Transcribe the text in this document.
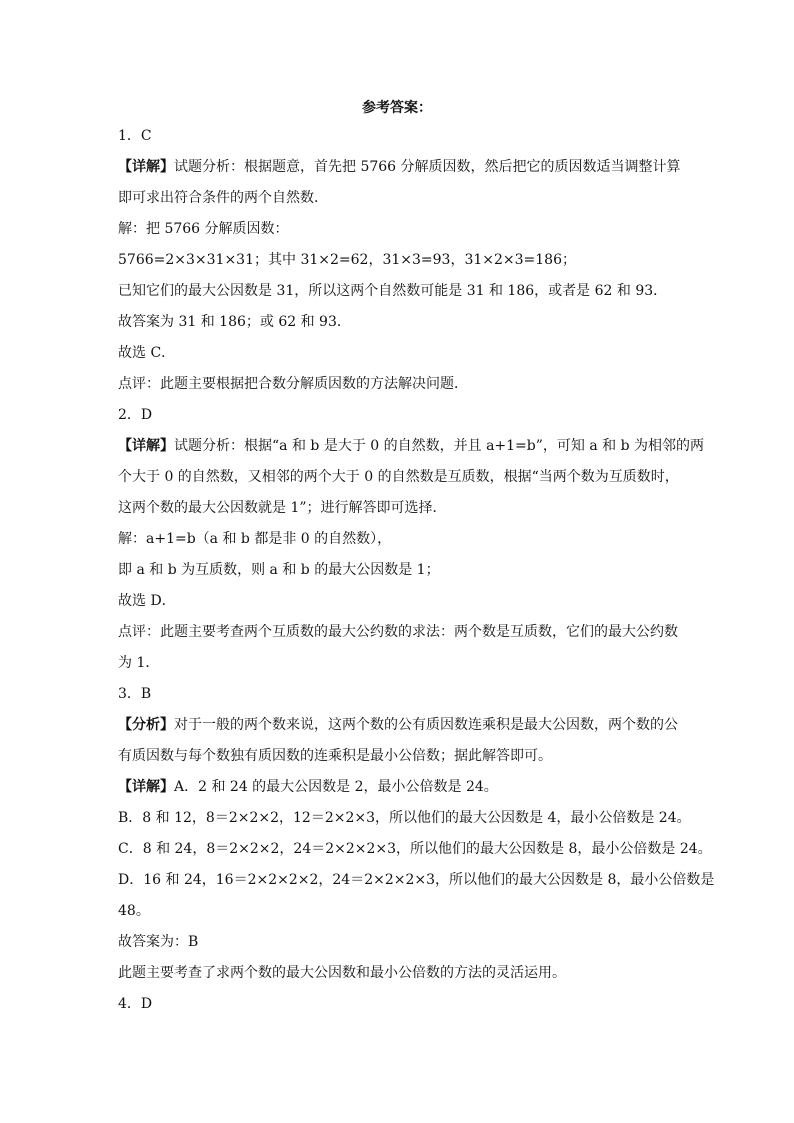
参考答案：
1．C
【详解】试题分析：根据题意，首先把 5766 分解质因数，然后把它的质因数适当调整计算
即可求出符合条件的两个自然数．
解：把 5766 分解质因数：
5766=2×3×31×31；其中 31×2=62，31×3=93，31×2×3=186；
已知它们的最大公因数是 31，所以这两个自然数可能是 31 和 186，或者是 62 和 93．
故答案为 31 和 186；或 62 和 93．
故选 C．
点评：此题主要根据把合数分解质因数的方法解决问题．
2．D
【详解】试题分析：根据“a 和 b 是大于 0 的自然数，并且 a+1=b”，可知 a 和 b 为相邻的两
个大于 0 的自然数，又相邻的两个大于 0 的自然数是互质数，根据“当两个数为互质数时，
这两个数的最大公因数就是 1”；进行解答即可选择．
解：a+1=b（a 和 b 都是非 0 的自然数），
即 a 和 b 为互质数，则 a 和 b 的最大公因数是 1；
故选 D．
点评：此题主要考查两个互质数的最大公约数的求法：两个数是互质数，它们的最大公约数
为 1．
3．B
【分析】对于一般的两个数来说，这两个数的公有质因数连乘积是最大公因数，两个数的公
有质因数与每个数独有质因数的连乘积是最小公倍数；据此解答即可。
【详解】A．2 和 24 的最大公因数是 2，最小公倍数是 24。
B．8 和 12，8＝2×2×2，12＝2×2×3，所以他们的最大公因数是 4，最小公倍数是 24。
C．8 和 24，8＝2×2×2，24＝2×2×2×3，所以他们的最大公因数是 8，最小公倍数是 24。
D．16 和 24，16＝2×2×2×2，24＝2×2×2×3，所以他们的最大公因数是 8，最小公倍数是
48。
故答案为：B
此题主要考查了求两个数的最大公因数和最小公倍数的方法的灵活运用。
4．D
